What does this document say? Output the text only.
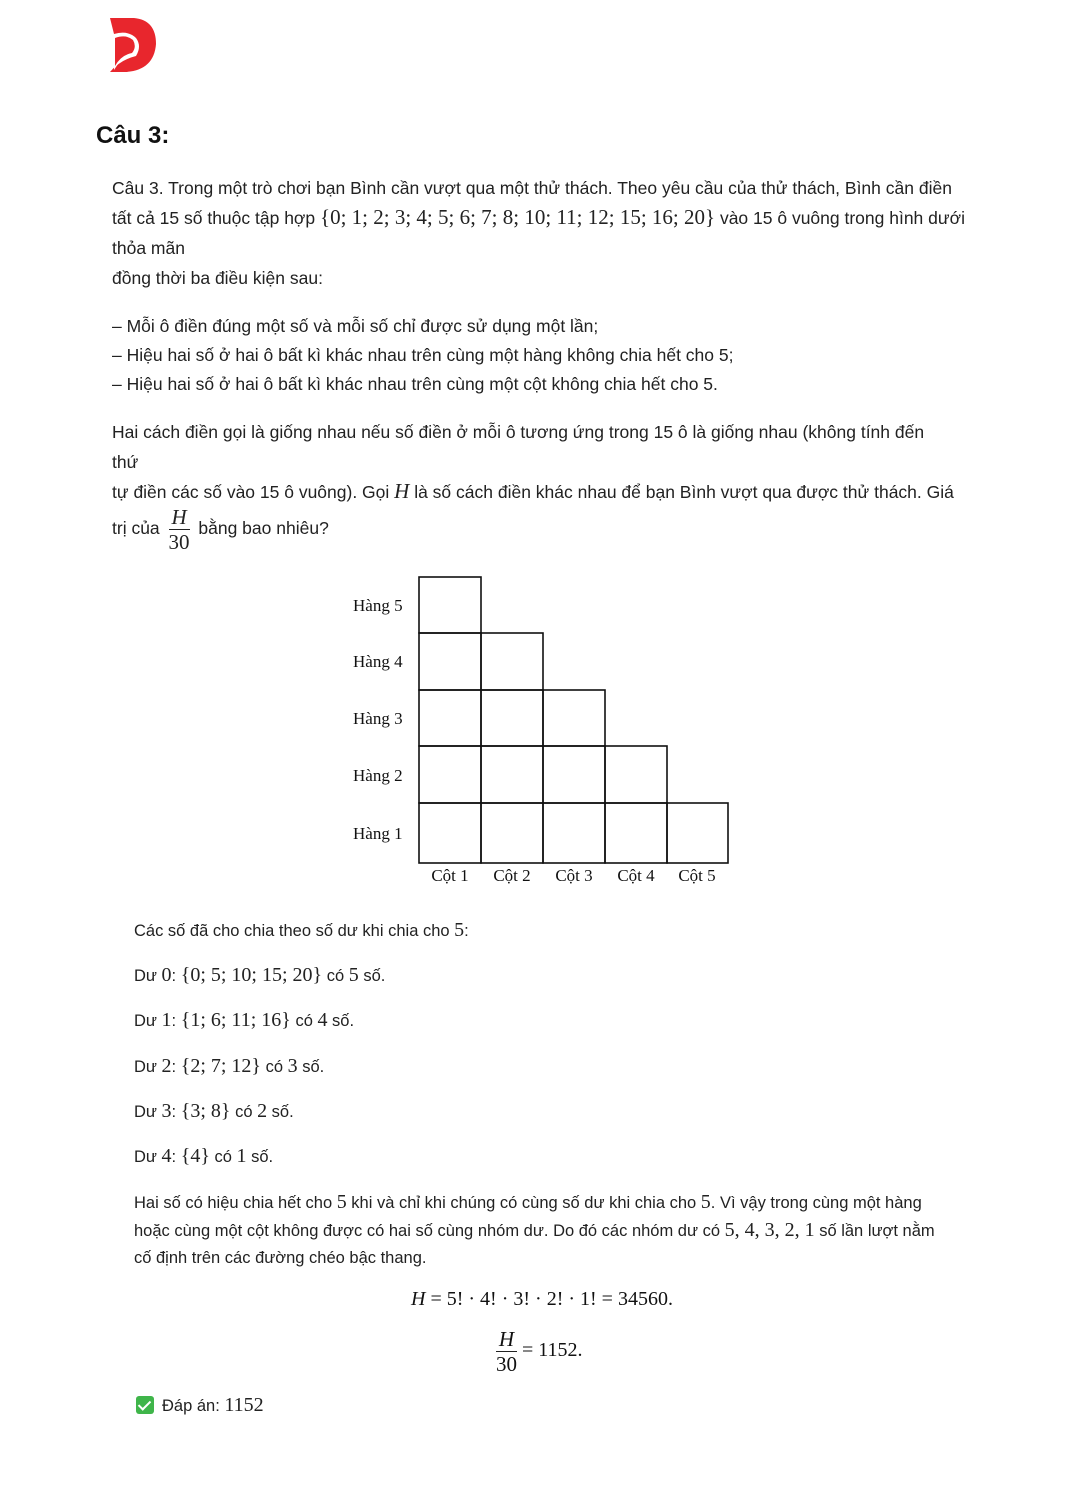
Câu 3:
Câu 3. Trong một trò chơi bạn Bình cần vượt qua một thử thách. Theo yêu cầu của thử thách, Bình cần điền
tất cả 15 số thuộc tập hợp {0; 1; 2; 3; 4; 5; 6; 7; 8; 10; 11; 12; 15; 16; 20} vào 15 ô vuông trong hình dưới
thỏa mãn
đồng thời ba điều kiện sau:
– Mỗi ô điền đúng một số và mỗi số chỉ được sử dụng một lần;
– Hiệu hai số ở hai ô bất kì khác nhau trên cùng một hàng không chia hết cho 5;
– Hiệu hai số ở hai ô bất kì khác nhau trên cùng một cột không chia hết cho 5.
Hai cách điền gọi là giống nhau nếu số điền ở mỗi ô tương ứng trong 15 ô là giống nhau (không tính đến
thứ
tự điền các số vào 15 ô vuông). Gọi H là số cách điền khác nhau để bạn Bình vượt qua được thử thách. Giá
trị của $\frac{H}{30}$ bằng bao nhiêu?
Hàng 5
Hàng 4
Hàng 3
Hàng 2
Hàng 1
Cột 1 Cột 2 Cột 3 Cột 4 Cột 5
Các số đã cho chia theo số dư khi chia cho 5:
Dư 0: {0; 5; 10; 15; 20} có 5 số.
Dư 1: {1; 6; 11; 16} có 4 số.
Dư 2: {2; 7; 12} có 3 số.
Dư 3: {3; 8} có 2 số.
Dư 4: {4} có 1 số.
Hai số có hiệu chia hết cho 5 khi và chỉ khi chúng có cùng số dư khi chia cho 5. Vì vậy trong cùng một hàng
hoặc cùng một cột không được có hai số cùng nhóm dư. Do đó các nhóm dư có 5, 4, 3, 2, 1 số lần lượt nằm
cố định trên các đường chéo bậc thang.
H = 5! · 4! · 3! · 2! · 1! = 34560.
$\frac{H}{30} = 1152$.
Đáp án: 1152
